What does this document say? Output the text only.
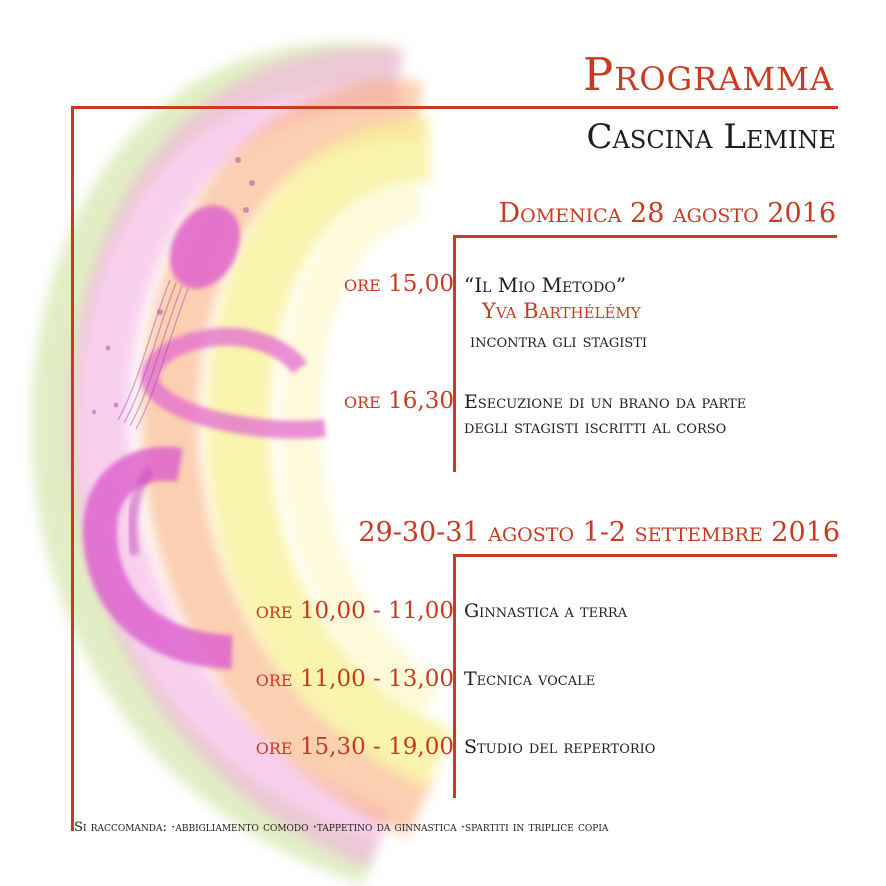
Programma
Cascina Lemine
Domenica 28 agosto 2016
ore 15,00 “Il Mio Metodo”
Yva Barthélémy
incontra gli stagisti
ore 16,30 Esecuzione di un brano da parte
degli stagisti iscritti al corso
29-30-31 agosto 1-2 settembre 2016
ore 10,00 - 11,00 Ginnastica a terra
ore 11,00 - 13,00 Tecnica vocale
ore 15,30 - 19,00 Studio del repertorio
Si raccomanda: ·abbigliamento comodo ·tappetino da ginnastica ·spartiti in triplice copia
